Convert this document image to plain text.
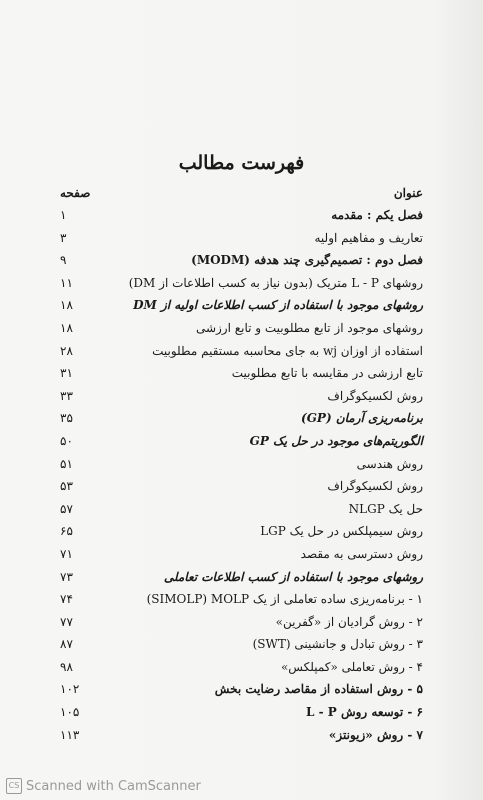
فهرست مطالب
عنوان
صفحه
فصل یکم : مقدمه
۱
تعاریف و مفاهیم اولیه
۳
فصل دوم : تصمیم‌گیری چند هدفه (MODM)
۹
روشهای L - P متریک (بدون نیاز به کسب اطلاعات از DM)
۱۱
روشهای موجود با استفاده از کسب اطلاعات اولیه از DM
۱۸
روشهای موجود از تابع مطلوبیت و تابع ارزشی
۱۸
استفاده از اوزان wj به جای محاسبه مستقیم مطلوبیت
۲۸
تابع ارزشی در مقایسه با تابع مطلوبیت
۳۱
روش لکسیکوگراف
۳۳
برنامه‌ریزی آرمان (GP)
۳۵
الگوریتم‌های موجود در حل یک GP
۵۰
روش هندسی
۵۱
روش لکسیکوگراف
۵۳
حل یک NLGP
۵۷
روش سیمپلکس در حل یک LGP
۶۵
روش دسترسی به مقصد
۷۱
روشهای موجود با استفاده از کسب اطلاعات تعاملی
۷۳
۱ - برنامه‌ریزی ساده تعاملی از یک SIMOLP) MOLP)
۷۴
۲ - روش گرادیان از «گفرین»
۷۷
۳ - روش تبادل و جانشینی (SWT)
۸۷
۴ - روش تعاملی «کمپلکس»
۹۸
۵ - روش استفاده از مقاصد رضایت بخش
۱۰۲
۶ - توسعه روش L - P
۱۰۵
۷ - روش «زیونتز»
۱۱۳
CS Scanned with CamScanner
